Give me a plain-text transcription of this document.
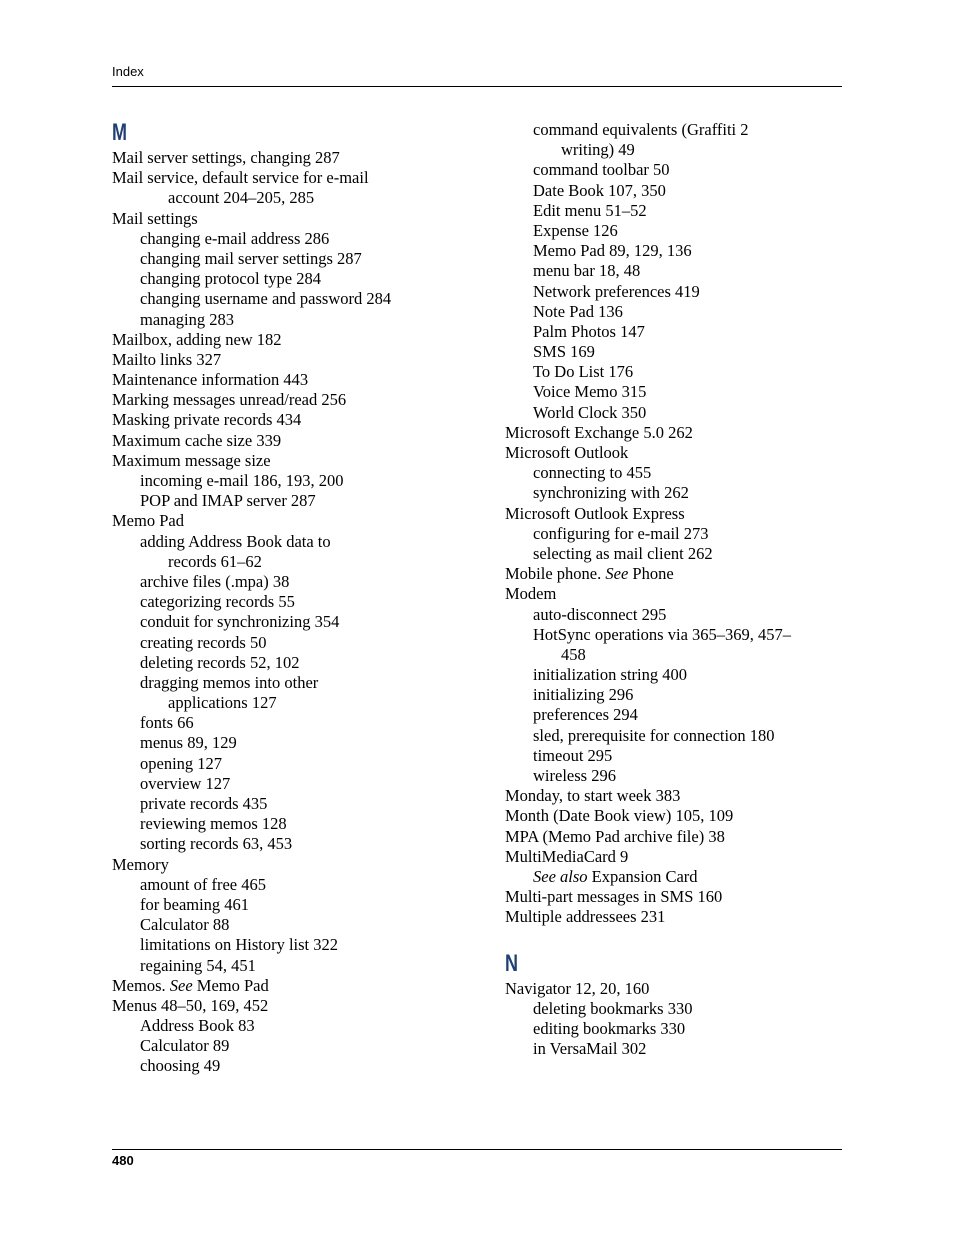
Index
M
Mail server settings, changing 287
Mail service, default service for e-mail
account 204–205, 285
Mail settings
changing e-mail address 286
changing mail server settings 287
changing protocol type 284
changing username and password 284
managing 283
Mailbox, adding new 182
Mailto links 327
Maintenance information 443
Marking messages unread/read 256
Masking private records 434
Maximum cache size 339
Maximum message size
incoming e-mail 186, 193, 200
POP and IMAP server 287
Memo Pad
adding Address Book data to
records 61–62
archive files (.mpa) 38
categorizing records 55
conduit for synchronizing 354
creating records 50
deleting records 52, 102
dragging memos into other
applications 127
fonts 66
menus 89, 129
opening 127
overview 127
private records 435
reviewing memos 128
sorting records 63, 453
Memory
amount of free 465
for beaming 461
Calculator 88
limitations on History list 322
regaining 54, 451
Memos. See Memo Pad
Menus 48–50, 169, 452
Address Book 83
Calculator 89
choosing 49
command equivalents (Graffiti 2
writing) 49
command toolbar 50
Date Book 107, 350
Edit menu 51–52
Expense 126
Memo Pad 89, 129, 136
menu bar 18, 48
Network preferences 419
Note Pad 136
Palm Photos 147
SMS 169
To Do List 176
Voice Memo 315
World Clock 350
Microsoft Exchange 5.0 262
Microsoft Outlook
connecting to 455
synchronizing with 262
Microsoft Outlook Express
configuring for e-mail 273
selecting as mail client 262
Mobile phone. See Phone
Modem
auto-disconnect 295
HotSync operations via 365–369, 457–
458
initialization string 400
initializing 296
preferences 294
sled, prerequisite for connection 180
timeout 295
wireless 296
Monday, to start week 383
Month (Date Book view) 105, 109
MPA (Memo Pad archive file) 38
MultiMediaCard 9
See also Expansion Card
Multi-part messages in SMS 160
Multiple addressees 231
N
Navigator 12, 20, 160
deleting bookmarks 330
editing bookmarks 330
in VersaMail 302
480
